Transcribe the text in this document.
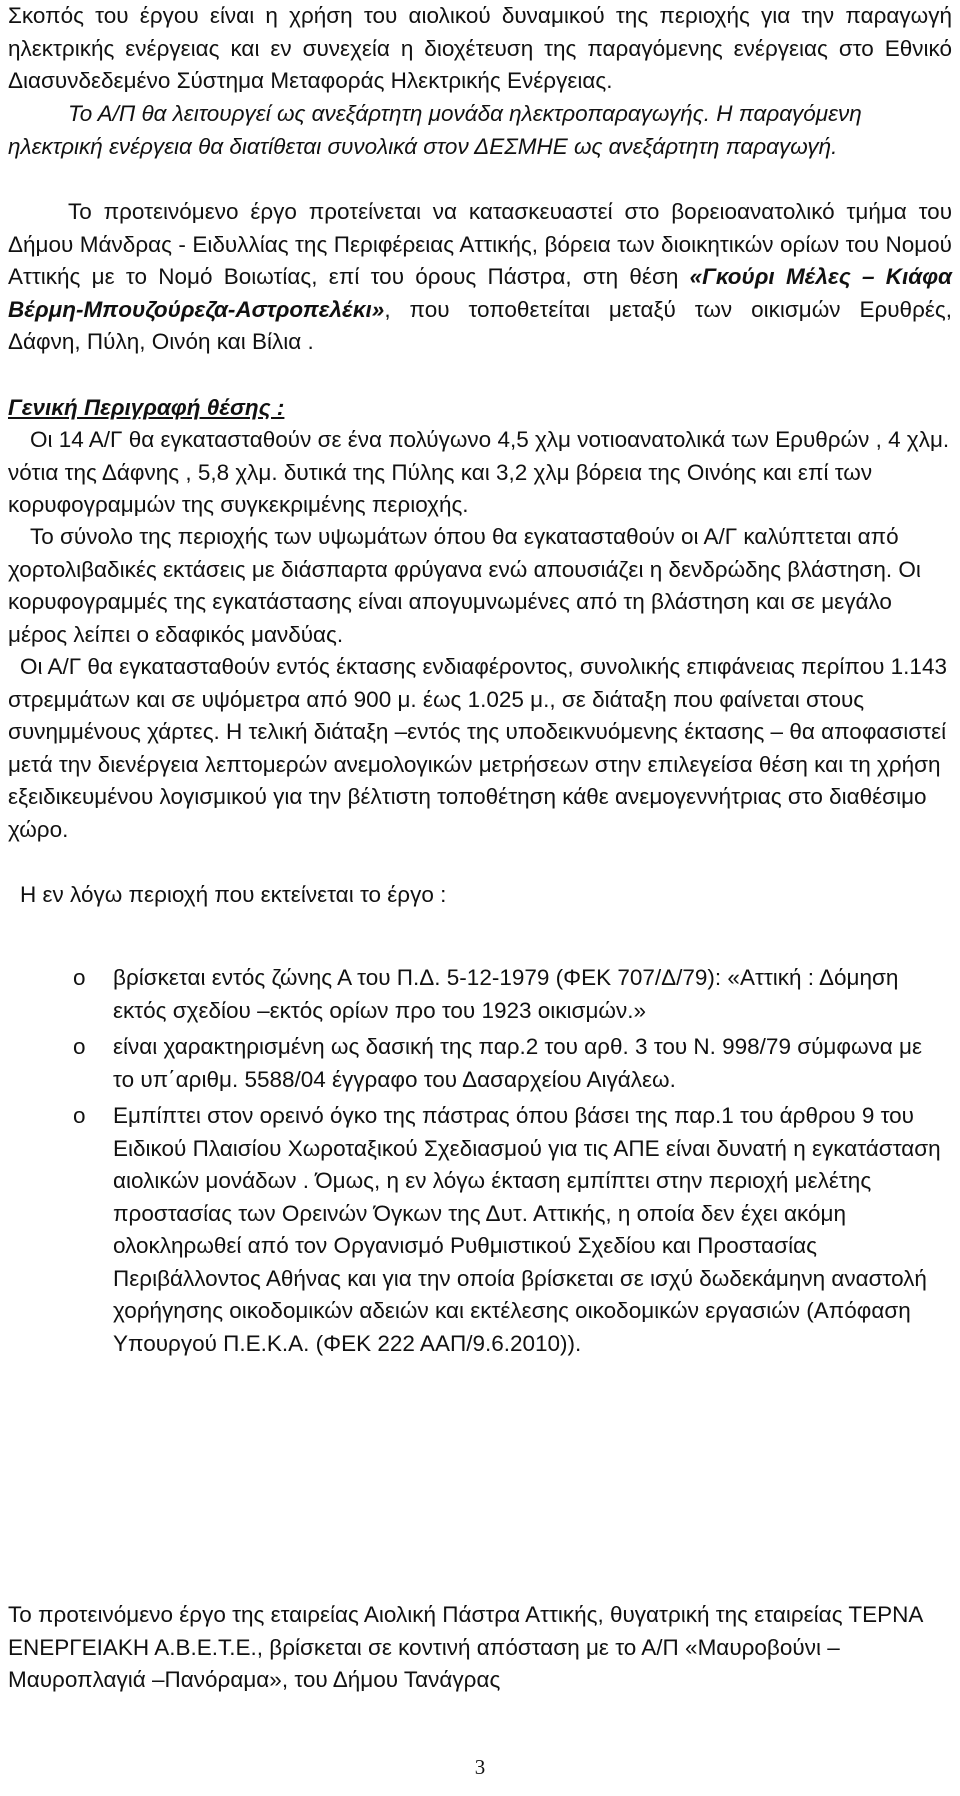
Σκοπός του έργου είναι η χρήση του αιολικού δυναμικού της περιοχής για την παραγωγή ηλεκτρικής ενέργειας και εν συνεχεία η διοχέτευση της παραγόμενης ενέργειας στο Εθνικό Διασυνδεδεμένο Σύστημα Μεταφοράς Ηλεκτρικής Ενέργειας.

Το Α/Π θα λειτουργεί ως ανεξάρτητη μονάδα ηλεκτροπαραγωγής. Η παραγόμενη ηλεκτρική ενέργεια θα διατίθεται συνολικά στον ΔΕΣΜΗΕ ως ανεξάρτητη παραγωγή.

Το προτεινόμενο έργο προτείνεται να κατασκευαστεί στο βορειοανατολικό τμήμα του Δήμου Μάνδρας - Ειδυλλίας της Περιφέρειας Αττικής, βόρεια των διοικητικών ορίων του Νομού Αττικής με το Νομό Βοιωτίας, επί του όρους Πάστρα, στη θέση «Γκούρι Μέλες – Κιάφα Βέρμη-Μπουζούρεζα-Αστροπελέκι», που τοποθετείται μεταξύ των οικισμών Ερυθρές, Δάφνη, Πύλη, Οινόη και Βίλια .

Γενική Περιγραφή θέσης :

Οι 14 Α/Γ θα εγκατασταθούν σε ένα πολύγωνο 4,5 χλμ νοτιοανατολικά των Ερυθρών , 4 χλμ. νότια της Δάφνης , 5,8 χλμ. δυτικά της Πύλης και 3,2 χλμ βόρεια της Οινόης και επί των κορυφογραμμών της συγκεκριμένης περιοχής.

Το σύνολο της περιοχής των υψωμάτων όπου θα εγκατασταθούν οι Α/Γ καλύπτεται από χορτολιβαδικές εκτάσεις με διάσπαρτα φρύγανα ενώ απουσιάζει η δενδρώδης βλάστηση. Οι κορυφογραμμές της εγκατάστασης είναι απογυμνωμένες από τη βλάστηση και σε μεγάλο μέρος λείπει ο εδαφικός μανδύας.

Οι Α/Γ θα εγκατασταθούν εντός έκτασης ενδιαφέροντος, συνολικής επιφάνειας περίπου 1.143 στρεμμάτων και σε υψόμετρα από 900 μ. έως 1.025 μ., σε διάταξη που φαίνεται στους συνημμένους χάρτες. Η τελική διάταξη –εντός της υποδεικνυόμενης έκτασης – θα αποφασιστεί μετά την διενέργεια λεπτομερών ανεμολογικών μετρήσεων στην επιλεγείσα θέση και τη χρήση εξειδικευμένου λογισμικού για την βέλτιστη τοποθέτηση κάθε ανεμογεννήτριας στο διαθέσιμο χώρο.

Η εν λόγω περιοχή που εκτείνεται το έργο :

o βρίσκεται εντός ζώνης Α του Π.Δ. 5-12-1979 (ΦΕΚ 707/Δ/79): «Αττική : Δόμηση εκτός σχεδίου –εκτός ορίων προ του 1923 οικισμών.»
o είναι χαρακτηρισμένη ως δασική της παρ.2 του αρθ. 3 του Ν. 998/79 σύμφωνα με το υπ΄αριθμ. 5588/04 έγγραφο του Δασαρχείου Αιγάλεω.
o Εμπίπτει στον ορεινό όγκο της πάστρας όπου βάσει της παρ.1 του άρθρου 9 του Ειδικού Πλαισίου Χωροταξικού Σχεδιασμού για τις ΑΠΕ είναι δυνατή η εγκατάσταση αιολικών μονάδων . Όμως, η εν λόγω έκταση εμπίπτει στην περιοχή μελέτης προστασίας των Ορεινών Όγκων της Δυτ. Αττικής, η οποία δεν έχει ακόμη ολοκληρωθεί από τον Οργανισμό Ρυθμιστικού Σχεδίου και Προστασίας Περιβάλλοντος Αθήνας και για την οποία βρίσκεται σε ισχύ δωδεκάμηνη αναστολή χορήγησης οικοδομικών αδειών και εκτέλεσης οικοδομικών εργασιών (Απόφαση Υπουργού Π.Ε.Κ.Α. (ΦΕΚ 222 ΑΑΠ/9.6.2010)).

Το προτεινόμενο έργο της εταιρείας Αιολική Πάστρα Αττικής, θυγατρική της εταιρείας ΤΕΡΝΑ ΕΝΕΡΓΕΙΑΚΗ Α.Β.Ε.Τ.Ε., βρίσκεται σε κοντινή απόσταση με το Α/Π «Μαυροβούνι –Μαυροπλαγιά –Πανόραμα», του Δήμου Τανάγρας

3
